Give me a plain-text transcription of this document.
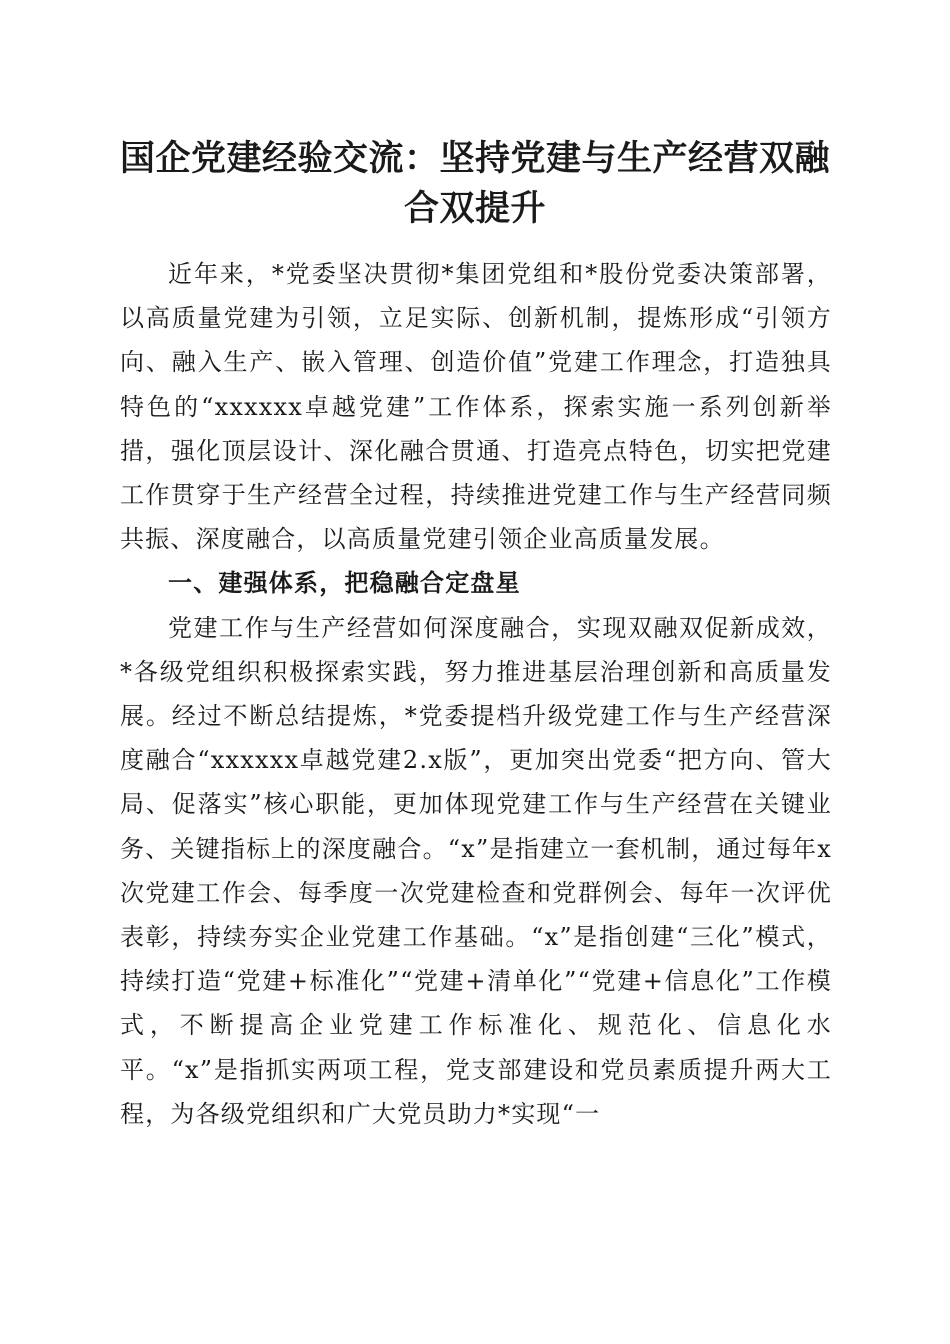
国企党建经验交流：坚持党建与生产经营双融合双提升

近年来，*党委坚决贯彻*集团党组和*股份党委决策部署，以高质量党建为引领，立足实际、创新机制，提炼形成“引领方向、融入生产、嵌入管理、创造价值”党建工作理念，打造独具特色的“xxxxxx卓越党建”工作体系，探索实施一系列创新举措，强化顶层设计、深化融合贯通、打造亮点特色，切实把党建工作贯穿于生产经营全过程，持续推进党建工作与生产经营同频共振、深度融合，以高质量党建引领企业高质量发展。

一、建强体系，把稳融合定盘星

党建工作与生产经营如何深度融合，实现双融双促新成效，*各级党组织积极探索实践，努力推进基层治理创新和高质量发展。经过不断总结提炼，*党委提档升级党建工作与生产经营深度融合“xxxxxx卓越党建2.x版”，更加突出党委“把方向、管大局、促落实”核心职能，更加体现党建工作与生产经营在关键业务、关键指标上的深度融合。“x”是指建立一套机制，通过每年x次党建工作会、每季度一次党建检查和党群例会、每年一次评优表彰，持续夯实企业党建工作基础。“x”是指创建“三化”模式，持续打造“党建+标准化”“党建+清单化”“党建+信息化”工作模式，不断提高企业党建工作标准化、规范化、信息化水平。“x”是指抓实两项工程，党支部建设和党员素质提升两大工程，为各级党组织和广大党员助力*实现“一
